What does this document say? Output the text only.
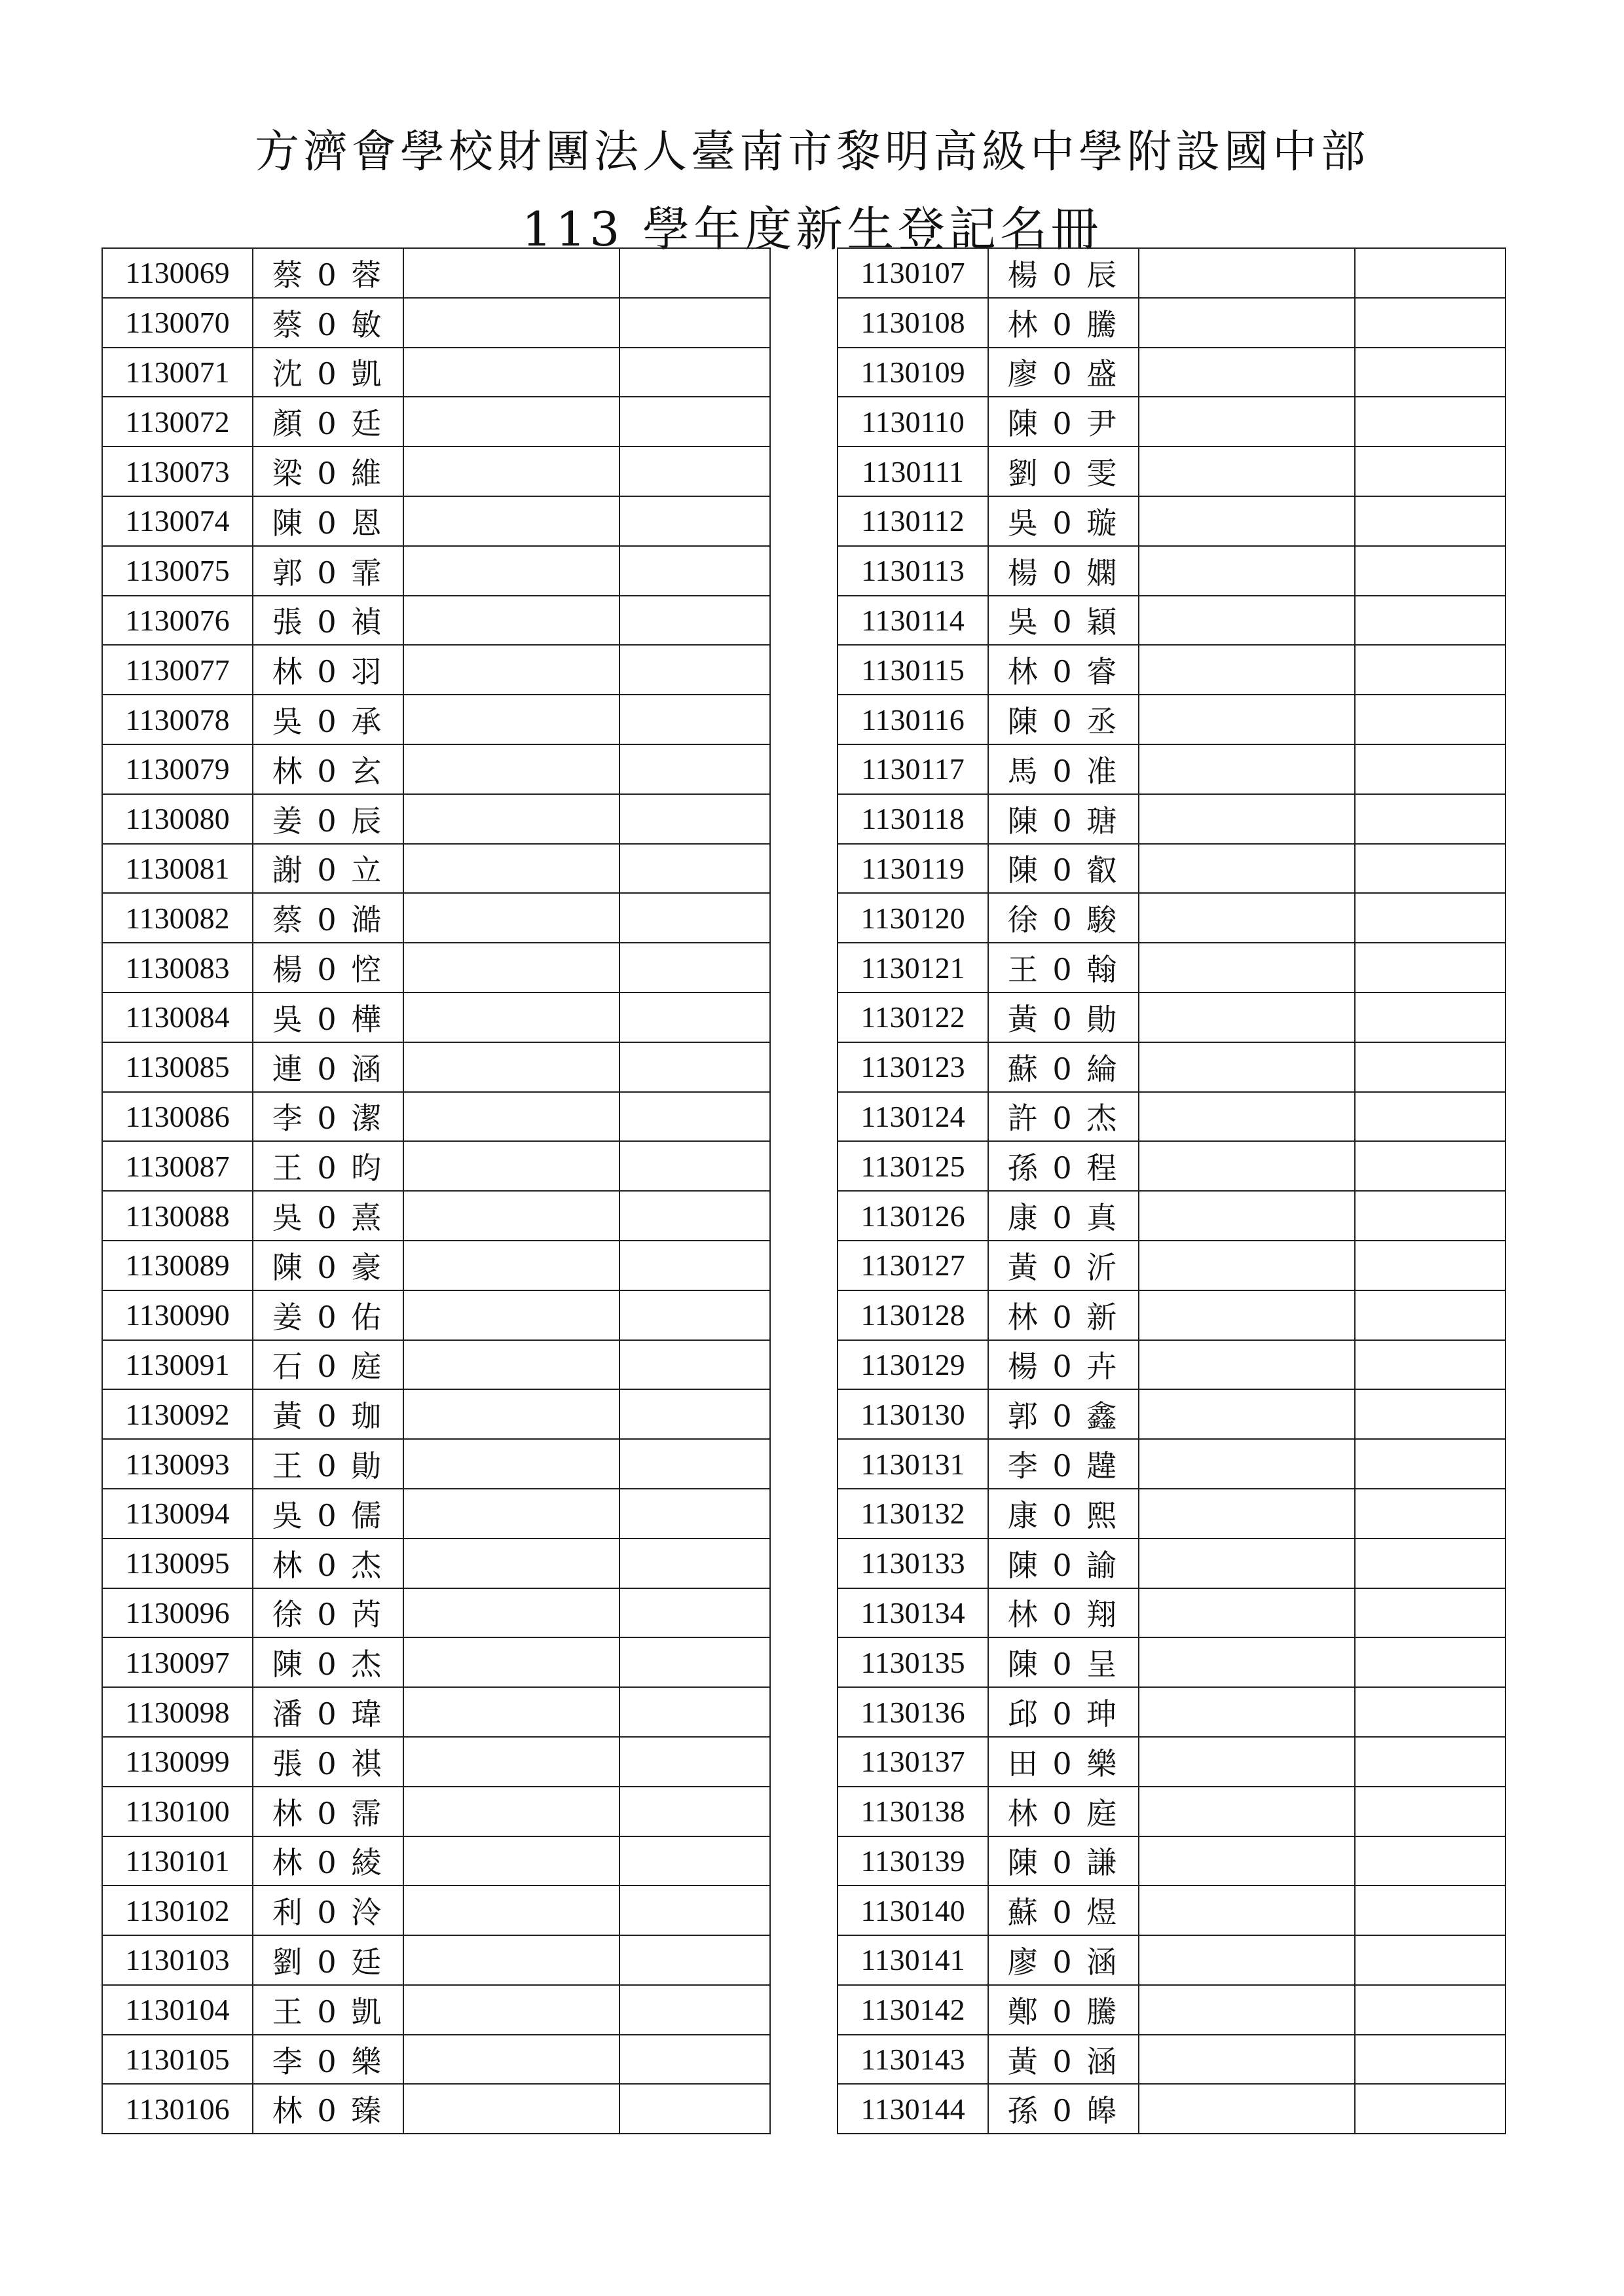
方濟會學校財團法人臺南市黎明高級中學附設國中部
113 學年度新生登記名冊
1130069	蔡 0 蓉		
1130070	蔡 0 敏		
1130071	沈 0 凱		
1130072	顏 0 廷		
1130073	梁 0 維		
1130074	陳 0 恩		
1130075	郭 0 霏		
1130076	張 0 禎		
1130077	林 0 羽		
1130078	吳 0 承		
1130079	林 0 玄		
1130080	姜 0 辰		
1130081	謝 0 立		
1130082	蔡 0 澔		
1130083	楊 0 悾		
1130084	吳 0 樺		
1130085	連 0 涵		
1130086	李 0 潔		
1130087	王 0 昀		
1130088	吳 0 熹		
1130089	陳 0 豪		
1130090	姜 0 佑		
1130091	石 0 庭		
1130092	黃 0 珈		
1130093	王 0 勛		
1130094	吳 0 儒		
1130095	林 0 杰		
1130096	徐 0 芮		
1130097	陳 0 杰		
1130098	潘 0 瑋		
1130099	張 0 祺		
1130100	林 0 霈		
1130101	林 0 綾		
1130102	利 0 泠		
1130103	劉 0 廷		
1130104	王 0 凱		
1130105	李 0 樂		
1130106	林 0 臻		
1130107	楊 0 辰		
1130108	林 0 騰		
1130109	廖 0 盛		
1130110	陳 0 尹		
1130111	劉 0 雯		
1130112	吳 0 璇		
1130113	楊 0 嫻		
1130114	吳 0 穎		
1130115	林 0 睿		
1130116	陳 0 丞		
1130117	馬 0 准		
1130118	陳 0 瑭		
1130119	陳 0 叡		
1130120	徐 0 駿		
1130121	王 0 翰		
1130122	黃 0 勛		
1130123	蘇 0 綸		
1130124	許 0 杰		
1130125	孫 0 程		
1130126	康 0 真		
1130127	黃 0 沂		
1130128	林 0 新		
1130129	楊 0 卉		
1130130	郭 0 鑫		
1130131	李 0 韙		
1130132	康 0 熙		
1130133	陳 0 諭		
1130134	林 0 翔		
1130135	陳 0 呈		
1130136	邱 0 珅		
1130137	田 0 樂		
1130138	林 0 庭		
1130139	陳 0 謙		
1130140	蘇 0 煜		
1130141	廖 0 涵		
1130142	鄭 0 騰		
1130143	黃 0 涵		
1130144	孫 0 皞		
